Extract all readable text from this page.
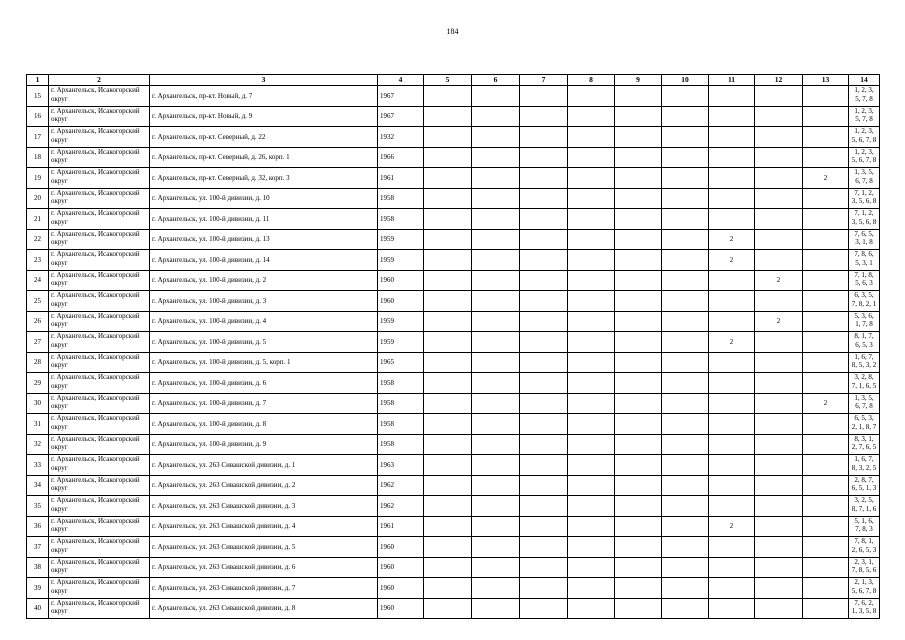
184
1	2	3	4	5	6	7	8	9	10	11	12	13	14
15	г. Архангельск, Исакогорский округ	г. Архангельск, пр-кт. Новый, д. 7	1967										1, 2, 3, 5, 7, 8
16	г. Архангельск, Исакогорский округ	г. Архангельск, пр-кт. Новый, д. 9	1967										1, 2, 3, 5, 7, 8
17	г. Архангельск, Исакогорский округ	г. Архангельск, пр-кт. Северный, д. 22	1932										1, 2, 3, 5, 6, 7, 8
18	г. Архангельск, Исакогорский округ	г. Архангельск, пр-кт. Северный, д. 26, корп. 1	1966										1, 2, 3, 5, 6, 7, 8
19	г. Архангельск, Исакогорский округ	г. Архангельск, пр-кт. Северный, д. 32, корп. 3	1961									2	1, 3, 5, 6, 7, 8
20	г. Архангельск, Исакогорский округ	г. Архангельск, ул. 100-й дивизии, д. 10	1958										7, 1, 2, 3, 5, 6, 8
21	г. Архангельск, Исакогорский округ	г. Архангельск, ул. 100-й дивизии, д. 11	1958										7, 1, 2, 3, 5, 6, 8
22	г. Архангельск, Исакогорский округ	г. Архангельск, ул. 100-й дивизии, д. 13	1959							2			7, 6, 5, 3, 1, 8
23	г. Архангельск, Исакогорский округ	г. Архангельск, ул. 100-й дивизии, д. 14	1959							2			7, 8, 6, 5, 3, 1
24	г. Архангельск, Исакогорский округ	г. Архангельск, ул. 100-й дивизии, д. 2	1960								2		7, 1, 8, 5, 6, 3
25	г. Архангельск, Исакогорский округ	г. Архангельск, ул. 100-й дивизии, д. 3	1960										6, 3, 5, 7, 8, 2, 1
26	г. Архангельск, Исакогорский округ	г. Архангельск, ул. 100-й дивизии, д. 4	1959								2		5, 3, 6, 1, 7, 8
27	г. Архангельск, Исакогорский округ	г. Архангельск, ул. 100-й дивизии, д. 5	1959							2			8, 1, 7, 6, 5, 3
28	г. Архангельск, Исакогорский округ	г. Архангельск, ул. 100-й дивизии, д. 5, корп. 1	1965										1, 6, 7, 8, 5, 3, 2
29	г. Архангельск, Исакогорский округ	г. Архангельск, ул. 100-й дивизии, д. 6	1958										3, 2, 8, 7, 1, 6, 5
30	г. Архангельск, Исакогорский округ	г. Архангельск, ул. 100-й дивизии, д. 7	1958									2	1, 3, 5, 6, 7, 8
31	г. Архангельск, Исакогорский округ	г. Архангельск, ул. 100-й дивизии, д. 8	1958										6, 5, 3, 2, 1, 8, 7
32	г. Архангельск, Исакогорский округ	г. Архангельск, ул. 100-й дивизии, д. 9	1958										8, 3, 1, 2, 7, 6, 5
33	г. Архангельск, Исакогорский округ	г. Архангельск, ул. 263 Сивашской дивизии, д. 1	1963										1, 6, 7, 8, 3, 2, 5
34	г. Архангельск, Исакогорский округ	г. Архангельск, ул. 263 Сивашской дивизии, д. 2	1962										2, 8, 7, 6, 5, 1, 3
35	г. Архангельск, Исакогорский округ	г. Архангельск, ул. 263 Сивашской дивизии, д. 3	1962										3, 2, 5, 8, 7, 1, 6
36	г. Архангельск, Исакогорский округ	г. Архангельск, ул. 263 Сивашской дивизии, д. 4	1961							2			5, 1, 6, 7, 8, 3
37	г. Архангельск, Исакогорский округ	г. Архангельск, ул. 263 Сивашской дивизии, д. 5	1960										7, 8, 1, 2, 6, 5, 3
38	г. Архангельск, Исакогорский округ	г. Архангельск, ул. 263 Сивашской дивизии, д. 6	1960										2, 3, 1, 7, 8, 5, 6
39	г. Архангельск, Исакогорский округ	г. Архангельск, ул. 263 Сивашской дивизии, д. 7	1960										2, 1, 3, 5, 6, 7, 8
40	г. Архангельск, Исакогорский округ	г. Архангельск, ул. 263 Сивашской дивизии, д. 8	1960										7, 6, 2, 1, 3, 5, 8
